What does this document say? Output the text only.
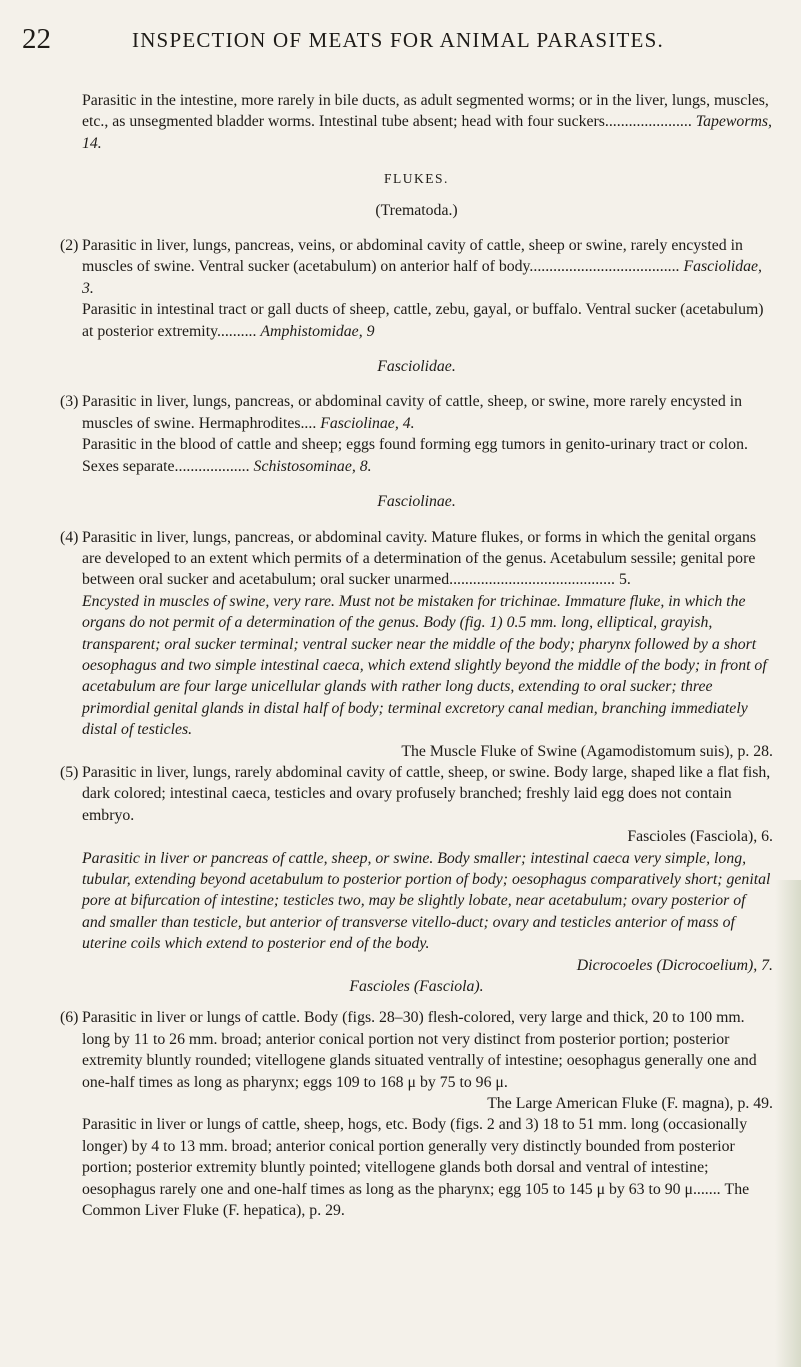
22	INSPECTION OF MEATS FOR ANIMAL PARASITES.

Parasitic in the intestine, more rarely in bile ducts, as adult segmented worms; or in the liver, lungs, muscles, etc., as unsegmented bladder worms. Intestinal tube absent; head with four suckers...................... Tapeworms, 14.

FLUKES.

(Trematoda.)

(2) Parasitic in liver, lungs, pancreas, veins, or abdominal cavity of cattle, sheep or swine, rarely encysted in muscles of swine. Ventral sucker (acetabulum) on anterior half of body...................................... Fasciolidae, 3.

Parasitic in intestinal tract or gall ducts of sheep, cattle, zebu, gayal, or buffalo. Ventral sucker (acetabulum) at posterior extremity.......... Amphistomidae, 9

Fasciolidae.

(3) Parasitic in liver, lungs, pancreas, or abdominal cavity of cattle, sheep, or swine, more rarely encysted in muscles of swine. Hermaphrodites.... Fasciolinae, 4.

Parasitic in the blood of cattle and sheep; eggs found forming egg tumors in genito-urinary tract or colon. Sexes separate................... Schistosominae, 8.

Fasciolinae.

(4) Parasitic in liver, lungs, pancreas, or abdominal cavity. Mature flukes, or forms in which the genital organs are developed to an extent which permits of a determination of the genus. Acetabulum sessile; genital pore between oral sucker and acetabulum; oral sucker unarmed.......................................... 5.

Encysted in muscles of swine, very rare. Must not be mistaken for trichinae. Immature fluke, in which the organs do not permit of a determination of the genus. Body (fig. 1) 0.5 mm. long, elliptical, grayish, transparent; oral sucker terminal; ventral sucker near the middle of the body; pharynx followed by a short oesophagus and two simple intestinal caeca, which extend slightly beyond the middle of the body; in front of acetabulum are four large unicellular glands with rather long ducts, extending to oral sucker; three primordial genital glands in distal half of body; terminal excretory canal median, branching immediately distal of testicles.

The Muscle Fluke of Swine (Agamodistomum suis), p. 28.

(5) Parasitic in liver, lungs, rarely abdominal cavity of cattle, sheep, or swine. Body large, shaped like a flat fish, dark colored; intestinal caeca, testicles and ovary profusely branched; freshly laid egg does not contain embryo.

Fascioles (Fasciola), 6.

Parasitic in liver or pancreas of cattle, sheep, or swine. Body smaller; intestinal caeca very simple, long, tubular, extending beyond acetabulum to posterior portion of body; oesophagus comparatively short; genital pore at bifurcation of intestine; testicles two, may be slightly lobate, near acetabulum; ovary posterior of and smaller than testicle, but anterior of transverse vitello-duct; ovary and testicles anterior of mass of uterine coils which extend to posterior end of the body.

Dicrocoeles (Dicrocoelium), 7.

Fascioles (Fasciola).

(6) Parasitic in liver or lungs of cattle. Body (figs. 28–30) flesh-colored, very large and thick, 20 to 100 mm. long by 11 to 26 mm. broad; anterior conical portion not very distinct from posterior portion; posterior extremity bluntly rounded; vitellogene glands situated ventrally of intestine; oesophagus generally one and one-half times as long as pharynx; eggs 109 to 168 μ by 75 to 96 μ.

The Large American Fluke (F. magna), p. 49.

Parasitic in liver or lungs of cattle, sheep, hogs, etc. Body (figs. 2 and 3) 18 to 51 mm. long (occasionally longer) by 4 to 13 mm. broad; anterior conical portion generally very distinctly bounded from posterior portion; posterior extremity bluntly pointed; vitellogene glands both dorsal and ventral of intestine; oesophagus rarely one and one-half times as long as the pharynx; egg 105 to 145 μ by 63 to 90 μ....... The Common Liver Fluke (F. hepatica), p. 29.
